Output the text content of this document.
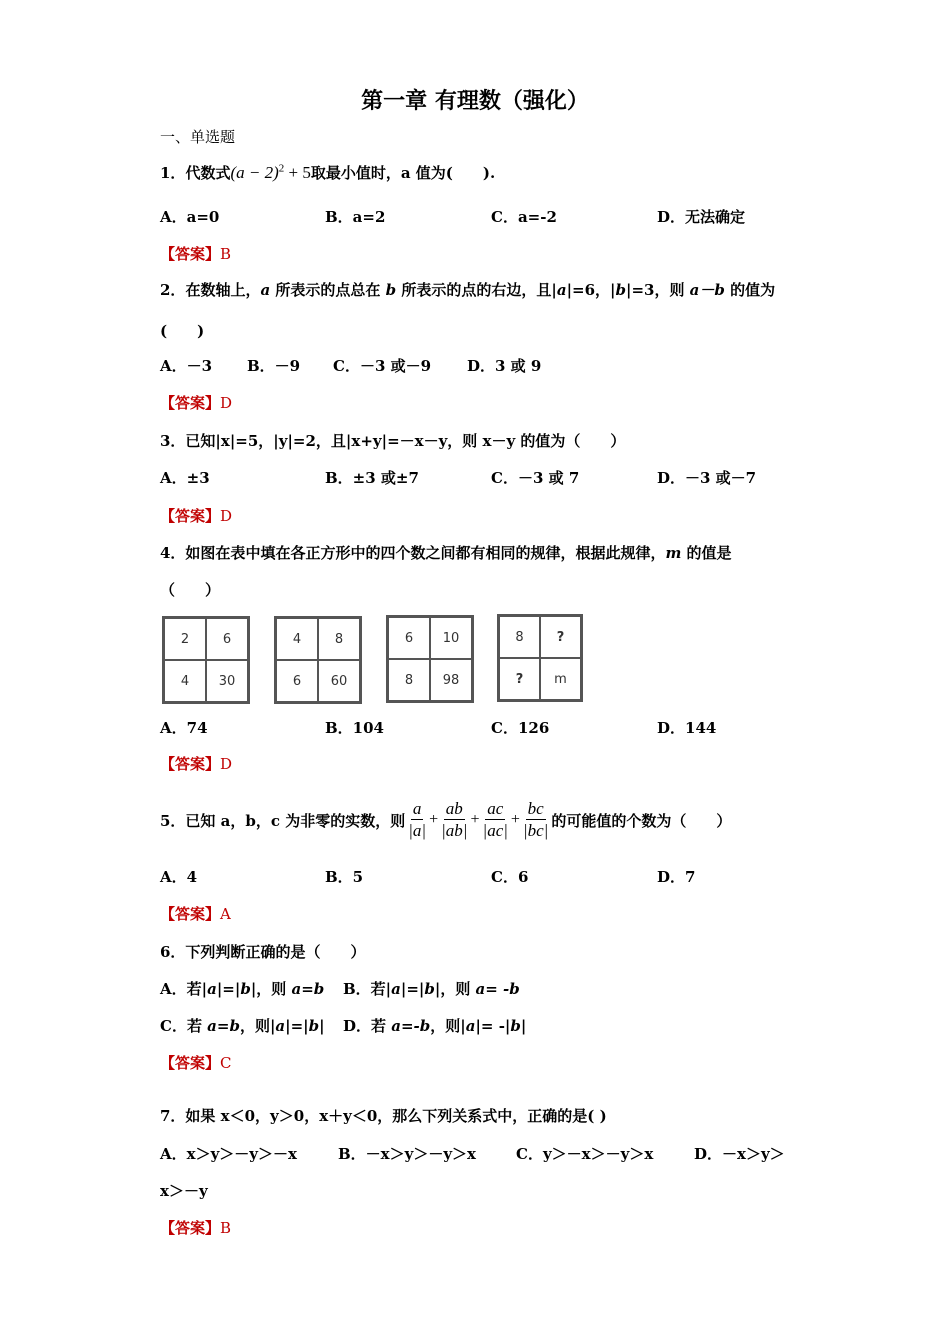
第一章 有理数（强化）
一、单选题
1．代数式$(a - 2)^2 + 5$取最小值时，a 值为(　　).
A．a=0	B．a=2	C．a=-2	D．无法确定
【答案】B
2．在数轴上，a 所表示的点总在 b 所表示的点的右边，且|a|=6，|b|=3，则 a－b 的值为
(　　)
A．－3 B．－9 C．－3 或－9 D．3 或 9
【答案】D
3．已知|x|=5，|y|=2，且|x+y|=－x－y，则 x－y 的值为（　　）
A．±3	B．±3 或±7	C．－3 或 7	D．－3 或－7
【答案】D
4．如图在表中填在各正方形中的四个数之间都有相同的规律，根据此规律，m 的值是
（　　）
2	6
4	30
4	8
6	60
6	10
8	98
8	?
?	m
A．74	B．104	C．126	D．144
【答案】D
5．已知 a，b，c 为非零的实数，则 $\frac{a}{|a|} + \frac{ab}{|ab|} + \frac{ac}{|ac|} + \frac{bc}{|bc|}$ 的可能值的个数为（　　）
A．4	B．5	C．6	D．7
【答案】A
6．下列判断正确的是（　　）
A．若|a|=|b|，则 a=b B．若|a|=|b|，则 a= -b
C．若 a=b，则|a|=|b| D．若 a=-b，则|a|= -|b|
【答案】C
7．如果 x＜0，y＞0，x＋y＜0，那么下列关系式中，正确的是( )
A．x＞y＞－y＞－x	B．－x＞y＞－y＞x	C．y＞－x＞－y＞x	D．－x＞y＞
x＞－y
【答案】B
